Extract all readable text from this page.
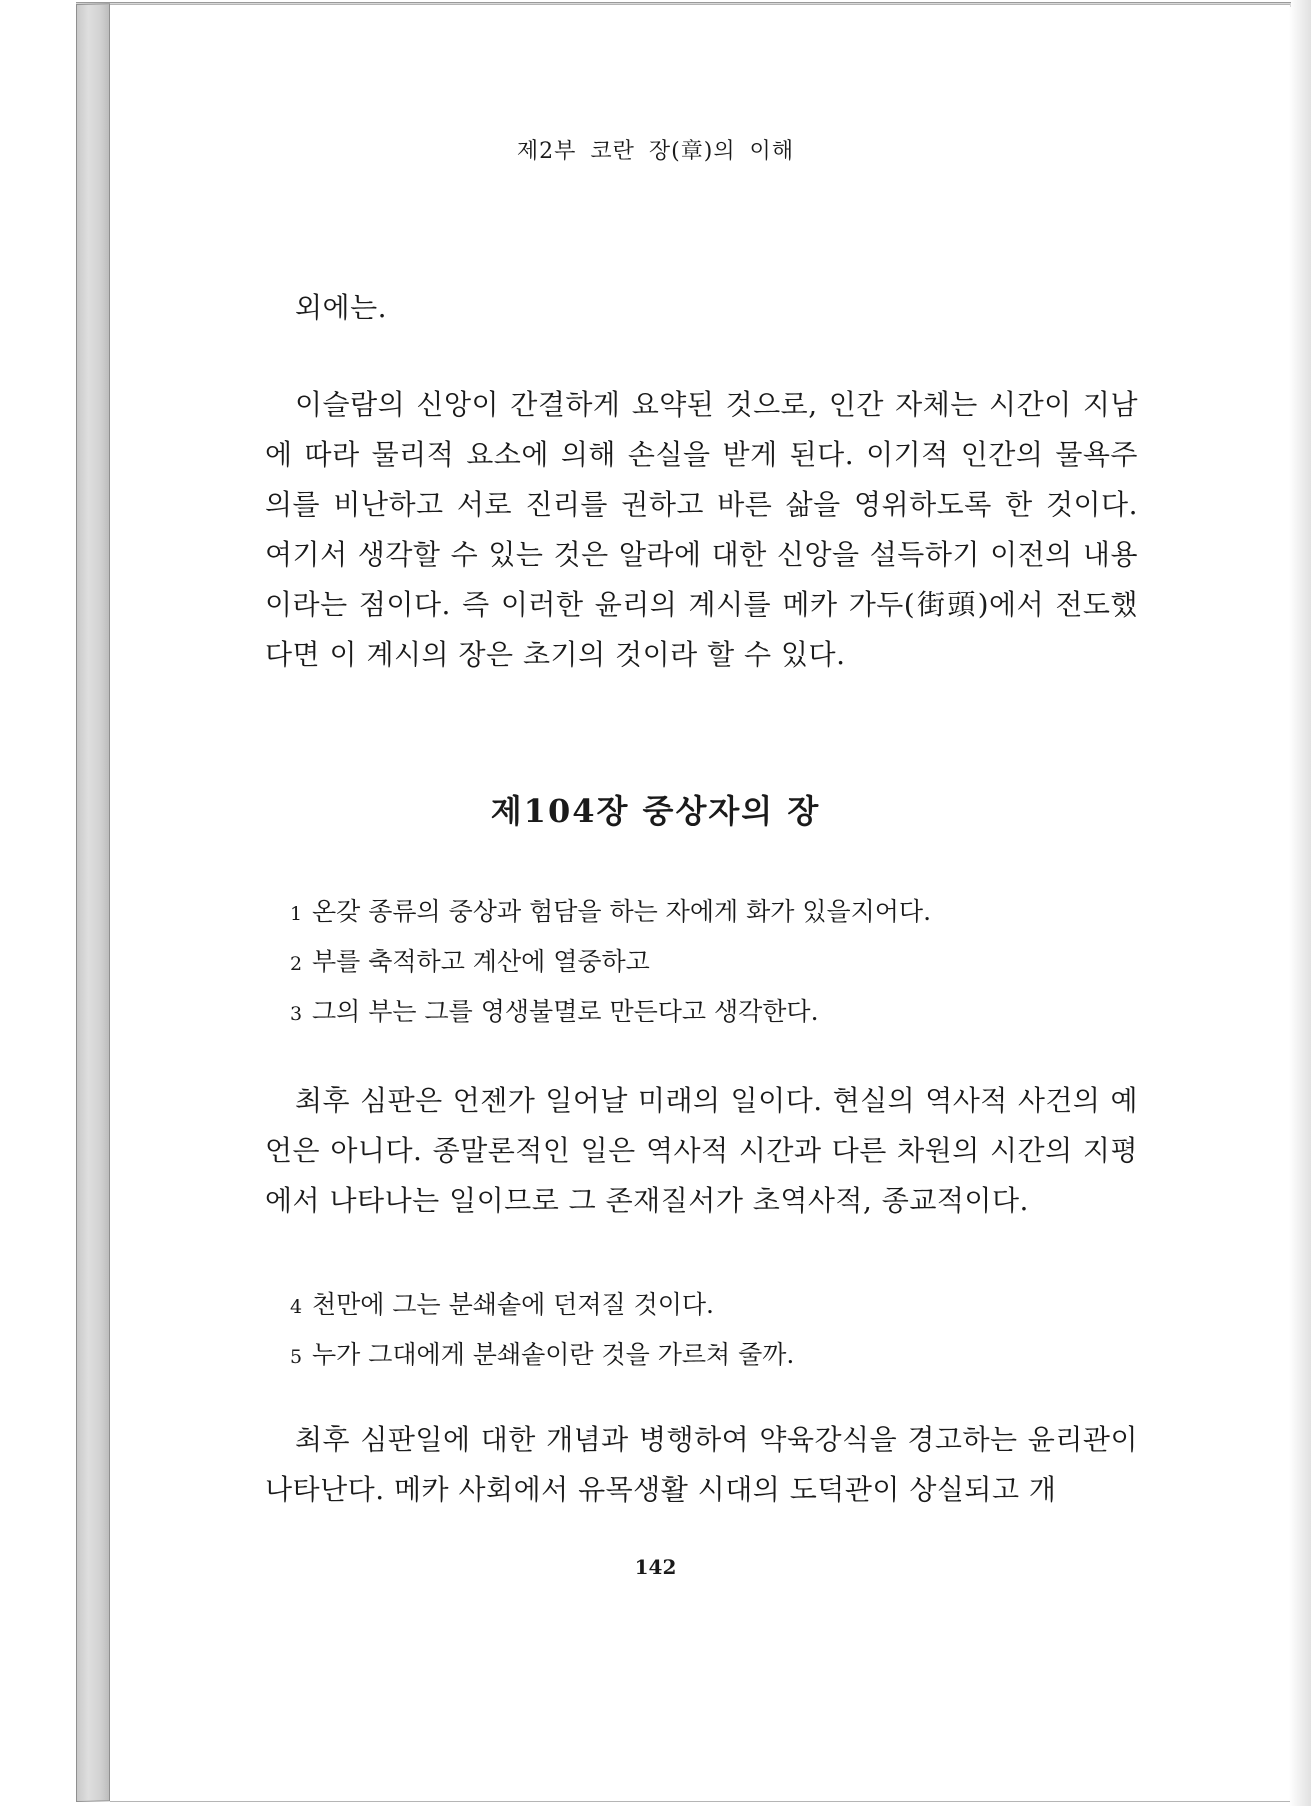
제2부 코란 장(章)의 이해

외에는.

이슬람의 신앙이 간결하게 요약된 것으로, 인간 자체는 시간이 지남에 따라 물리적 요소에 의해 손실을 받게 된다. 이기적 인간의 물욕주의를 비난하고 서로 진리를 권하고 바른 삶을 영위하도록 한 것이다. 여기서 생각할 수 있는 것은 알라에 대한 신앙을 설득하기 이전의 내용이라는 점이다. 즉 이러한 윤리의 계시를 메카 가두(街頭)에서 전도했다면 이 계시의 장은 초기의 것이라 할 수 있다.

제104장 중상자의 장
1 온갖 종류의 중상과 험담을 하는 자에게 화가 있을지어다.
2 부를 축적하고 계산에 열중하고
3 그의 부는 그를 영생불멸로 만든다고 생각한다.

최후 심판은 언젠가 일어날 미래의 일이다. 현실의 역사적 사건의 예언은 아니다. 종말론적인 일은 역사적 시간과 다른 차원의 시간의 지평에서 나타나는 일이므로 그 존재질서가 초역사적, 종교적이다.

4 천만에 그는 분쇄솥에 던져질 것이다.
5 누가 그대에게 분쇄솥이란 것을 가르쳐 줄까.

최후 심판일에 대한 개념과 병행하여 약육강식을 경고하는 윤리관이 나타난다. 메카 사회에서 유목생활 시대의 도덕관이 상실되고 개

142
